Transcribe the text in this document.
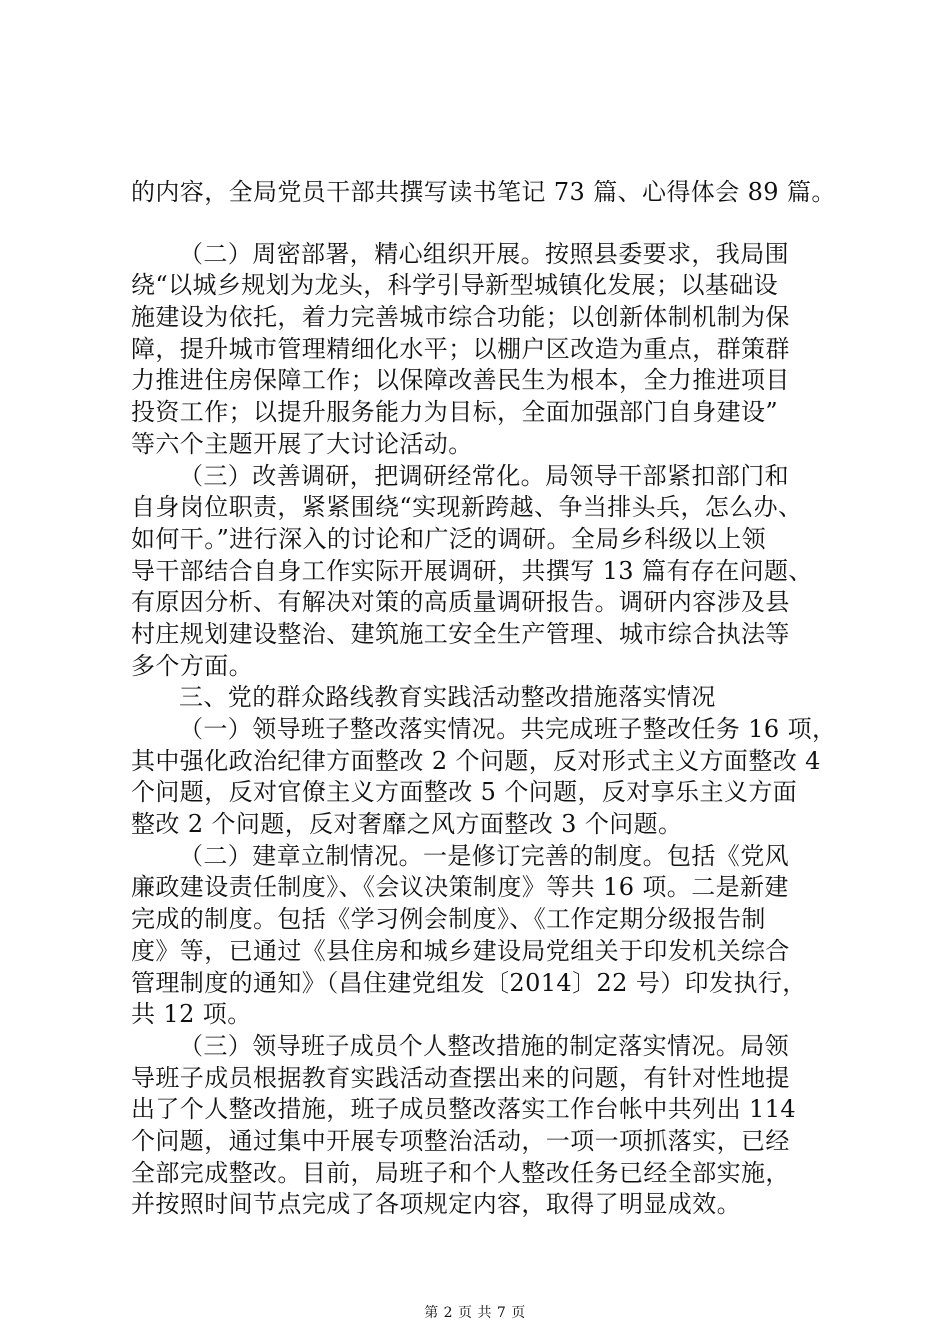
的内容，全局党员干部共撰写读书笔记 73 篇、心得体会 89 篇。
（二）周密部署，精心组织开展。按照县委要求，我局围
绕“以城乡规划为龙头，科学引导新型城镇化发展；以基础设
施建设为依托，着力完善城市综合功能；以创新体制机制为保
障，提升城市管理精细化水平；以棚户区改造为重点，群策群
力推进住房保障工作；以保障改善民生为根本，全力推进项目
投资工作；以提升服务能力为目标，全面加强部门自身建设”
等六个主题开展了大讨论活动。
（三）改善调研，把调研经常化。局领导干部紧扣部门和
自身岗位职责，紧紧围绕“实现新跨越、争当排头兵，怎么办、
如何干。”进行深入的讨论和广泛的调研。全局乡科级以上领
导干部结合自身工作实际开展调研，共撰写 13 篇有存在问题、
有原因分析、有解决对策的高质量调研报告。调研内容涉及县
村庄规划建设整治、建筑施工安全生产管理、城市综合执法等
多个方面。
三、党的群众路线教育实践活动整改措施落实情况
（一）领导班子整改落实情况。共完成班子整改任务 16 项，
其中强化政治纪律方面整改 2 个问题，反对形式主义方面整改 4
个问题，反对官僚主义方面整改 5 个问题，反对享乐主义方面
整改 2 个问题，反对奢靡之风方面整改 3 个问题。
（二）建章立制情况。一是修订完善的制度。包括《党风
廉政建设责任制度》、《会议决策制度》等共 16 项。二是新建
完成的制度。包括《学习例会制度》、《工作定期分级报告制
度》等，已通过《县住房和城乡建设局党组关于印发机关综合
管理制度的通知》（昌住建党组发〔2014〕22 号）印发执行，
共 12 项。
（三）领导班子成员个人整改措施的制定落实情况。局领
导班子成员根据教育实践活动查摆出来的问题，有针对性地提
出了个人整改措施，班子成员整改落实工作台帐中共列出 114
个问题，通过集中开展专项整治活动，一项一项抓落实，已经
全部完成整改。目前，局班子和个人整改任务已经全部实施，
并按照时间节点完成了各项规定内容，取得了明显成效。
第 2 页 共 7 页
